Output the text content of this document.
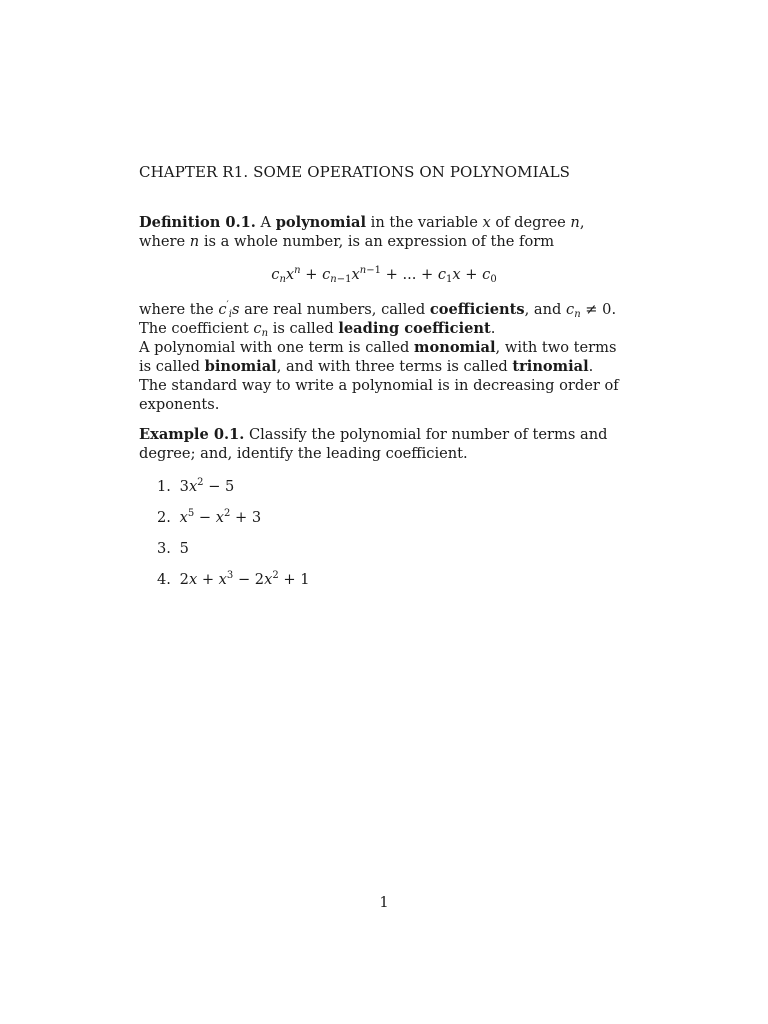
CHAPTER R1. SOME OPERATIONS ON POLYNOMIALS

Definition 0.1. A polynomial in the variable x of degree n, where n is a whole number, is an expression of the form

$c_nx^n + c_{n-1}x^{n-1}$ + ... + $c_1x + c_0$

where the $c'_is$ are real numbers, called coefficients, and $c_n \ne 0$. The coefficient $c_n$ is called leading coefficient.
A polynomial with one term is called monomial, with two terms is called binomial, and with three terms is called trinomial.
The standard way to write a polynomial is in decreasing order of exponents.

Example 0.1. Classify the polynomial for number of terms and degree; and, identify the leading coefficient.

1. $3x^2 - 5$
2. $x^5 - x^2 + 3$
3. 5
4. $2x + x^3 - 2x^2 + 1$
1
